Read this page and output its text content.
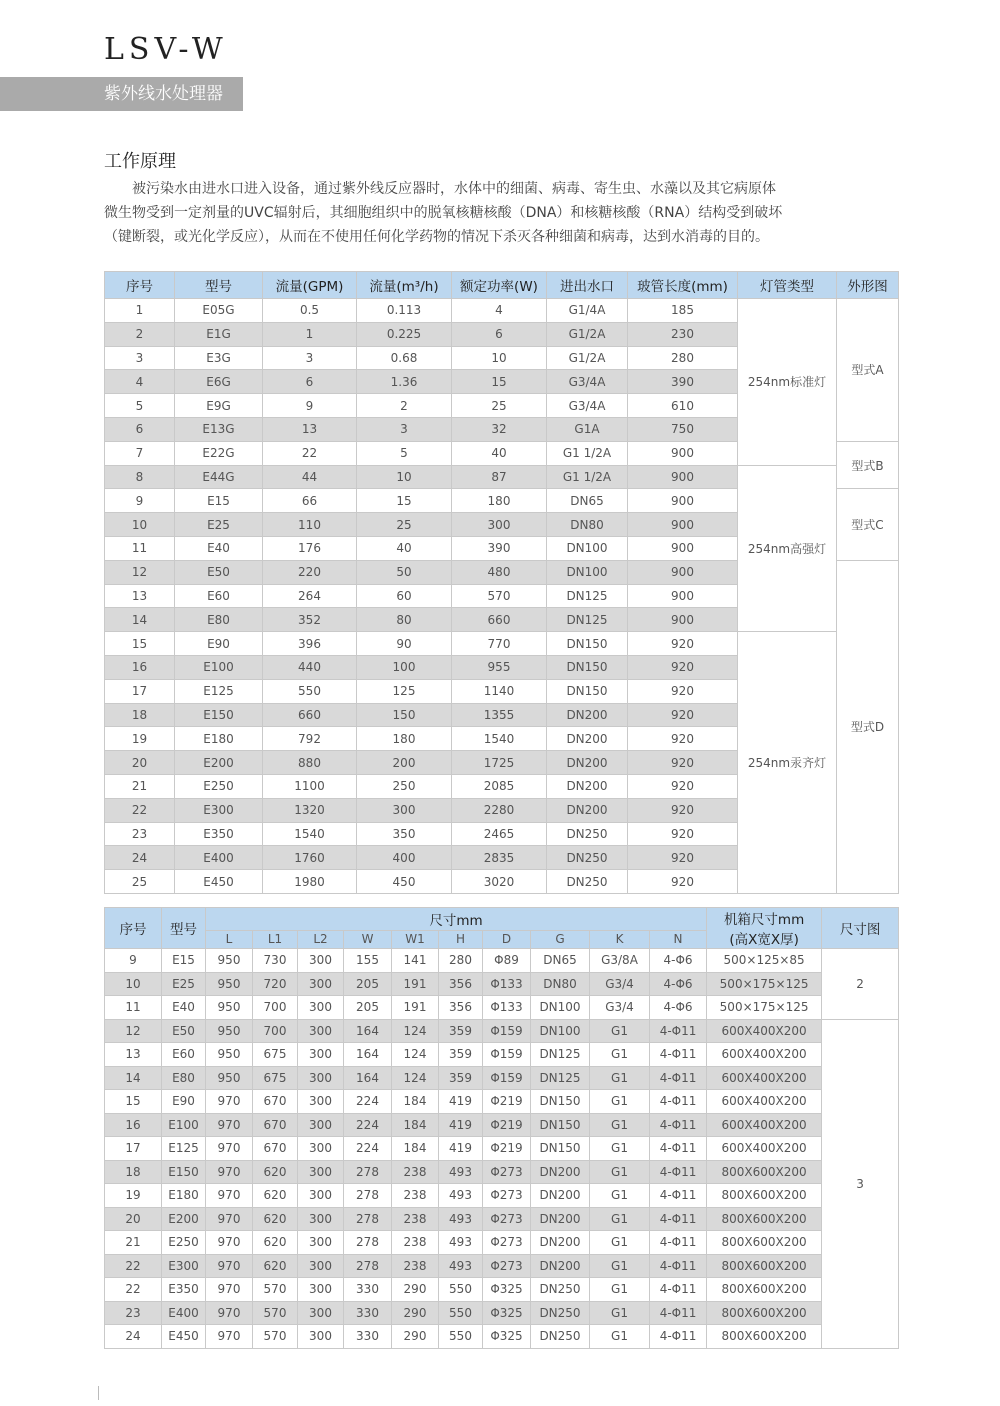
LSV-W
紫外线水处理器
工作原理
被污染水由进水口进入设备，通过紫外线反应器时，水体中的细菌、病毒、寄生虫、水藻以及其它病原体
微生物受到一定剂量的UVC辐射后，其细胞组织中的脱氧核糖核酸（DNA）和核糖核酸（RNA）结构受到破坏
（键断裂，或光化学反应），从而在不使用任何化学药物的情况下杀灭各种细菌和病毒，达到水消毒的目的。
序号	型号	流量(GPM)	流量(m³/h)	额定功率(W)	进出水口	玻管长度(mm)	灯管类型	外形图
1	E05G	0.5	0.113	4	G1/4A	185	254nm标准灯	型式A
2	E1G	1	0.225	6	G1/2A	230		
3	E3G	3	0.68	10	G1/2A	280		
4	E6G	6	1.36	15	G3/4A	390		
5	E9G	9	2	25	G3/4A	610		
6	E13G	13	3	32	G1A	750		
7	E22G	22	5	40	G1 1/2A	900		型式B
8	E44G	44	10	87	G1 1/2A	900	254nm高强灯	
9	E15	66	15	180	DN65	900		型式C
10	E25	110	25	300	DN80	900		
11	E40	176	40	390	DN100	900		
12	E50	220	50	480	DN100	900		型式D
13	E60	264	60	570	DN125	900		
14	E80	352	80	660	DN125	900		
15	E90	396	90	770	DN150	920	254nm汞齐灯	
16	E100	440	100	955	DN150	920		
17	E125	550	125	1140	DN150	920		
18	E150	660	150	1355	DN200	920		
19	E180	792	180	1540	DN200	920		
20	E200	880	200	1725	DN200	920		
21	E250	1100	250	2085	DN200	920		
22	E300	1320	300	2280	DN200	920		
23	E350	1540	350	2465	DN250	920		
24	E400	1760	400	2835	DN250	920		
25	E450	1980	450	3020	DN250	920		
序号	型号	尺寸mm										机箱尺寸mm
(高X宽X厚)	尺寸图
		L	L1	L2	W	W1	H	D	G	K	N		
9	E15	950	730	300	155	141	280	Φ89	DN65	G3/8A	4-Φ6	500×125×85	2
10	E25	950	720	300	205	191	356	Φ133	DN80	G3/4	4-Φ6	500×175×125	
11	E40	950	700	300	205	191	356	Φ133	DN100	G3/4	4-Φ6	500×175×125	
12	E50	950	700	300	164	124	359	Φ159	DN100	G1	4-Φ11	600X400X200	3
13	E60	950	675	300	164	124	359	Φ159	DN125	G1	4-Φ11	600X400X200	
14	E80	950	675	300	164	124	359	Φ159	DN125	G1	4-Φ11	600X400X200	
15	E90	970	670	300	224	184	419	Φ219	DN150	G1	4-Φ11	600X400X200	
16	E100	970	670	300	224	184	419	Φ219	DN150	G1	4-Φ11	600X400X200	
17	E125	970	670	300	224	184	419	Φ219	DN150	G1	4-Φ11	600X400X200	
18	E150	970	620	300	278	238	493	Φ273	DN200	G1	4-Φ11	800X600X200	
19	E180	970	620	300	278	238	493	Φ273	DN200	G1	4-Φ11	800X600X200	
20	E200	970	620	300	278	238	493	Φ273	DN200	G1	4-Φ11	800X600X200	
21	E250	970	620	300	278	238	493	Φ273	DN200	G1	4-Φ11	800X600X200	
22	E300	970	620	300	278	238	493	Φ273	DN200	G1	4-Φ11	800X600X200	
22	E350	970	570	300	330	290	550	Φ325	DN250	G1	4-Φ11	800X600X200	
23	E400	970	570	300	330	290	550	Φ325	DN250	G1	4-Φ11	800X600X200	
24	E450	970	570	300	330	290	550	Φ325	DN250	G1	4-Φ11	800X600X200	
